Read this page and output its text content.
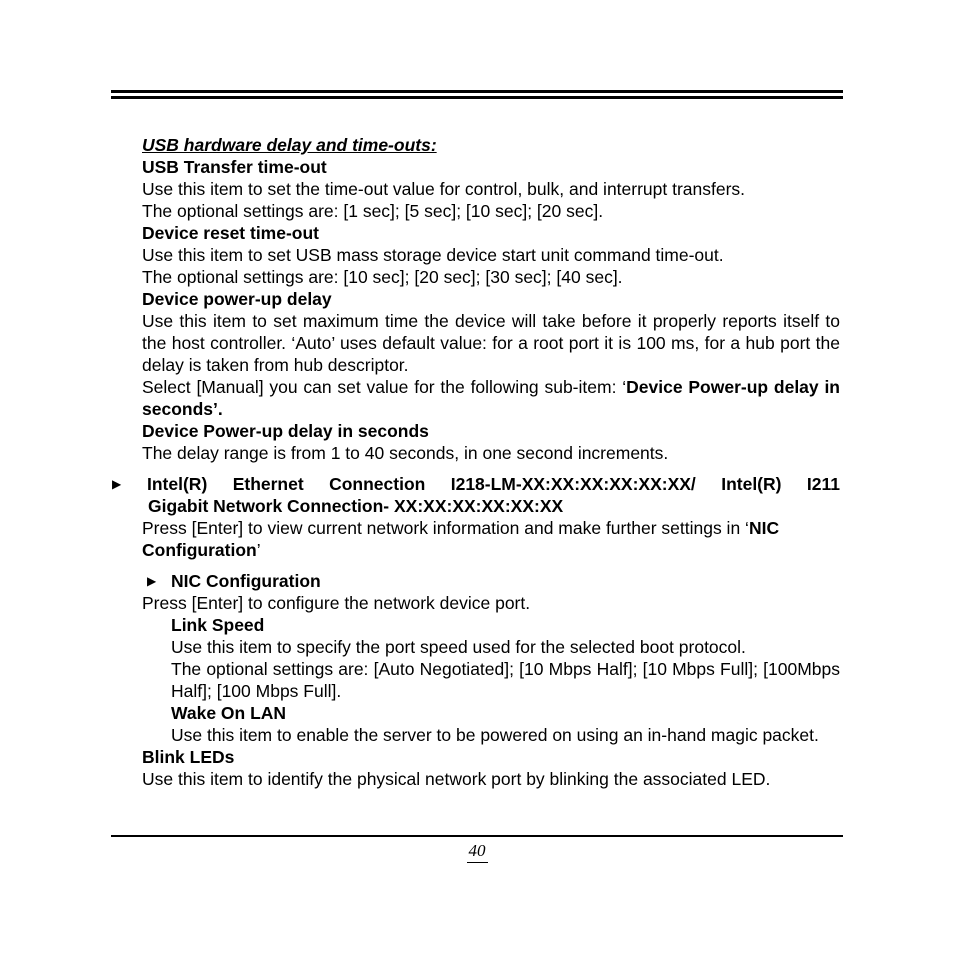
USB hardware delay and time-outs:

USB Transfer time-out

Use this item to set the time-out value for control, bulk, and interrupt transfers.

The optional settings are: [1 sec]; [5 sec]; [10 sec]; [20 sec].

Device reset time-out

Use this item to set USB mass storage device start unit command time-out.

The optional settings are: [10 sec]; [20 sec]; [30 sec]; [40 sec].

Device power-up delay

Use this item to set maximum time the device will take before it properly reports itself to the host controller. ‘Auto’ uses default value: for a root port it is 100 ms, for a hub port the delay is taken from hub descriptor.

Select [Manual] you can set value for the following sub-item: ‘Device Power-up delay in seconds’.

Device Power-up delay in seconds

The delay range is from 1 to 40 seconds, in one second increments.

▶ Intel(R) Ethernet Connection I218-LM-XX:XX:XX:XX:XX:XX/ Intel(R) I211

Gigabit Network Connection- XX:XX:XX:XX:XX:XX

Press [Enter] to view current network information and make further settings in ‘NIC Configuration’

▶ NIC Configuration

Press [Enter] to configure the network device port.

Link Speed

Use this item to specify the port speed used for the selected boot protocol.

The optional settings are: [Auto Negotiated]; [10 Mbps Half]; [10 Mbps Full]; [100Mbps Half]; [100 Mbps Full].

Wake On LAN

Use this item to enable the server to be powered on using an in-hand magic packet.

Blink LEDs

Use this item to identify the physical network port by blinking the associated LED.

40
